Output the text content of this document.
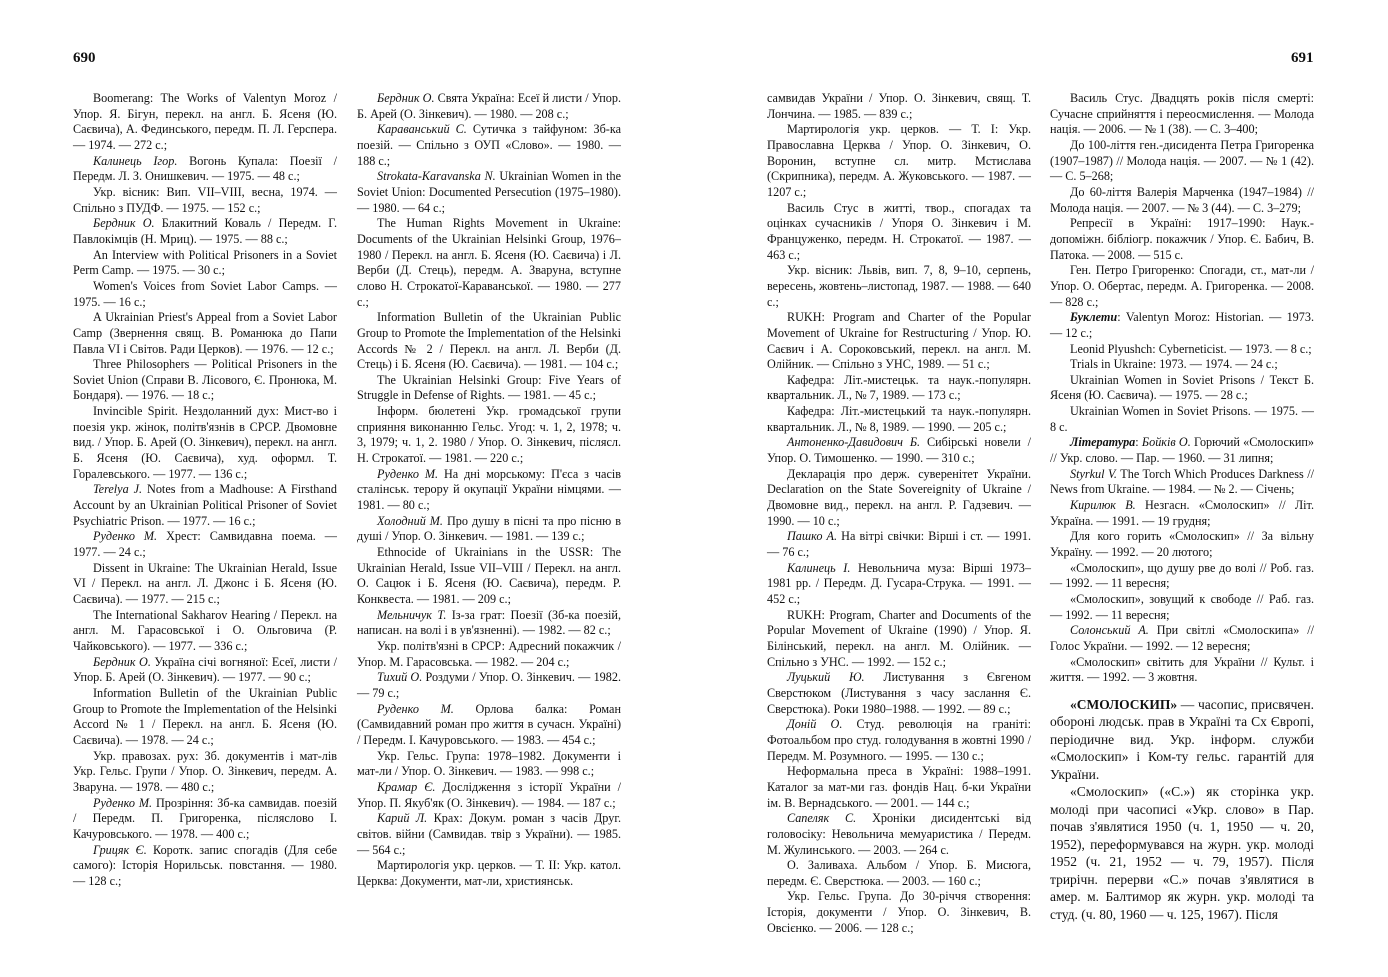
690	691

Boomerang: The Works of Valentyn Moroz / Упор. Я. Бігун, перекл. на англ. Б. Ясеня (Ю. Саєвича), А. Фединського, передм. П. Л. Герспера. — 1974. — 272 с.;

Калинець Ігор. Вогонь Купала: Поезії / Передм. Л. З. Онишкевич. — 1975. — 48 с.;

Укр. вісник: Вип. VII–VIII, весна, 1974. — Спільно з ПУДФ. — 1975. — 152 с.;

Бердник О. Блакитний Коваль / Передм. Г. Павлокімців (Н. Мриц). — 1975. — 88 с.;

An Interview with Political Prisoners in a Soviet Perm Camp. — 1975. — 30 с.;

Women's Voices from Soviet Labor Camps. — 1975. — 16 с.;

A Ukrainian Priest's Appeal from a Soviet Labor Camp (Звернення свящ. В. Романюка до Папи Павла VI і Світов. Ради Церков). — 1976. — 12 с.;

Three Philosophers — Political Prisoners in the Soviet Union (Справи В. Лісового, Є. Пронюка, М. Бондаря). — 1976. — 18 с.;

Invincible Spirit. Нездоланний дух: Мист-во і поезія укр. жінок, політв'язнів в СРСР. Двомовне вид. / Упор. Б. Арей (О. Зінкевич), перекл. на англ. Б. Ясеня (Ю. Саєвича), худ. оформл. Т. Горалевського. — 1977. — 136 с.;

Terelya J. Notes from a Madhouse: A Firsthand Account by an Ukrainian Political Prisoner of Soviet Psychiatric Prison. — 1977. — 16 с.;

Руденко М. Хрест: Самвидавна поема. — 1977. — 24 с.;

Dissent in Ukraine: The Ukrainian Herald, Issue VI / Перекл. на англ. Л. Джонс і Б. Ясеня (Ю. Саєвича). — 1977. — 215 с.;

The International Sakharov Hearing / Перекл. на англ. М. Гарасовської і О. Ольговича (Р. Чайковського). — 1977. — 336 с.;

Бердник О. Україна січі вогняної: Есеї, листи / Упор. Б. Арей (О. Зінкевич). — 1977. — 90 с.;

Information Bulletin of the Ukrainian Public Group to Promote the Implementation of the Helsinki Accord № 1 / Перекл. на англ. Б. Ясеня (Ю. Саєвича). — 1978. — 24 с.;

Укр. правозах. рух: Зб. документів і мат-лів Укр. Гельс. Групи / Упор. О. Зінкевич, передм. А. Зваруна. — 1978. — 480 с.;

Руденко М. Прозріння: Зб-ка самвидав. поезій / Передм. П. Григоренка, післяслово І. Качуровського. — 1978. — 400 с.;

Грицяк Є. Коротк. запис спогадів (Для себе самого): Історія Норильськ. повстання. — 1980. — 128 с.;

Бердник О. Свята Україна: Есеї й листи / Упор. Б. Арей (О. Зінкевич). — 1980. — 208 с.;

Караванський С. Сутичка з тайфуном: Зб-ка поезій. — Спільно з ОУП «Слово». — 1980. — 188 с.;

Strokata-Karavanska N. Ukrainian Women in the Soviet Union: Documented Persecution (1975–1980). — 1980. — 64 с.;

The Human Rights Movement in Ukraine: Documents of the Ukrainian Helsinki Group, 1976–1980 / Перекл. на англ. Б. Ясеня (Ю. Саєвича) і Л. Верби (Д. Стець), передм. А. Зваруна, вступне слово Н. Строкатої-Караванської. — 1980. — 277 с.;

Information Bulletin of the Ukrainian Public Group to Promote the Implementation of the Helsinki Accords № 2 / Перекл. на англ. Л. Верби (Д. Стець) і Б. Ясеня (Ю. Саєвича). — 1981. — 104 с.;

The Ukrainian Helsinki Group: Five Years of Struggle in Defense of Rights. — 1981. — 45 с.;

Інформ. бюлетені Укр. громадської групи сприяння виконанню Гельс. Угод: ч. 1, 2, 1978; ч. 3, 1979; ч. 1, 2. 1980 / Упор. О. Зінкевич, післясл. Н. Строкатої. — 1981. — 220 с.;

Руденко М. На дні морському: П'єса з часів сталінськ. терору й окупації України німцями. — 1981. — 80 с.;

Холодний М. Про душу в пісні та про пісню в душі / Упор. О. Зінкевич. — 1981. — 139 с.;

Ethnocide of Ukrainians in the USSR: The Ukrainian Herald, Issue VII–VIII / Перекл. на англ. О. Сацюк і Б. Ясеня (Ю. Саєвича), передм. Р. Конквеста. — 1981. — 209 с.;

Мельничук Т. Із-за грат: Поезії (Зб-ка поезій, написан. на волі і в ув'язненні). — 1982. — 82 с.;

Укр. політв'язні в СРСР: Адресний покажчик / Упор. М. Гарасовська. — 1982. — 204 с.;

Тихий О. Роздуми / Упор. О. Зінкевич. — 1982. — 79 с.;

Руденко М. Орлова балка: Роман (Самвидавний роман про життя в сучасн. Україні) / Передм. І. Качуровського. — 1983. — 454 с.;

Укр. Гельс. Група: 1978–1982. Документи і мат-ли / Упор. О. Зінкевич. — 1983. — 998 с.;

Крамар Є. Дослідження з історії України / Упор. П. Якуб'як (О. Зінкевич). — 1984. — 187 с.;

Карий Л. Крах: Докум. роман з часів Друг. світов. війни (Самвидав. твір з України). — 1985. — 564 с.;

Мартирологія укр. церков. — Т. II: Укр. катол. Церква: Документи, мат-ли, християнськ.

самвидав України / Упор. О. Зінкевич, свящ. Т. Лончина. — 1985. — 839 с.;

Мартирологія укр. церков. — Т. I: Укр. Православна Церква / Упор. О. Зінкевич, О. Воронин, вступне сл. митр. Мстислава (Скрипника), передм. А. Жуковського. — 1987. — 1207 с.;

Василь Стус в житті, твор., спогадах та оцінках сучасників / Упоря О. Зінкевич і М. Француженко, передм. Н. Строкатої. — 1987. — 463 с.;

Укр. вісник: Львів, вип. 7, 8, 9–10, серпень, вересень, жовтень–листопад, 1987. — 1988. — 640 с.;

RUKH: Program and Charter of the Popular Movement of Ukraine for Restructuring / Упор. Ю. Саєвич і А. Сороковський, перекл. на англ. М. Олійник. — Спільно з УНС, 1989. — 51 с.;

Кафедра: Літ.-мистецьк. та наук.-популярн. квартальник. Л., № 7, 1989. — 173 с.;

Кафедра: Літ.-мистецький та наук.-популярн. квартальник. Л., № 8, 1989. — 1990. — 205 с.;

Антоненко-Давидович Б. Сибірські новели / Упор. О. Тимошенко. — 1990. — 310 с.;

Декларація про держ. суверенітет України. Declaration on the State Sovereignity of Ukraine / Двомовне вид., перекл. на англ. Р. Гадзевич. — 1990. — 10 с.;

Пашко А. На вітрі свічки: Вірші і ст. — 1991. — 76 с.;

Калинець І. Невольнича муза: Вірші 1973–1981 рр. / Передм. Д. Гусара-Струка. — 1991. — 452 с.;

RUKH: Program, Charter and Documents of the Popular Movement of Ukraine (1990) / Упор. Я. Білінський, перекл. на англ. М. Олійник. — Спільно з УНС. — 1992. — 152 с.;

Луцький Ю. Листування з Євгеном Сверстюком (Листування з часу заслання Є. Сверстюка). Роки 1980–1988. — 1992. — 89 с.;

Доній О. Студ. революція на граніті: Фотоальбом про студ. голодування в жовтні 1990 / Передм. М. Розумного. — 1995. — 130 с.;

Неформальна преса в Україні: 1988–1991. Каталог за мат-ми газ. фондів Нац. б-ки України ім. В. Вернадського. — 2001. — 144 с.;

Сапеляк С. Хроніки дисидентські від головосіку: Невольнича мемуаристика / Передм. М. Жулинського. — 2003. — 264 с.

О. Заливаха. Альбом / Упор. Б. Мисюга, передм. Є. Сверстюка. — 2003. — 160 с.;

Укр. Гельс. Група. До 30-річчя створення: Історія, документи / Упор. О. Зінкевич, В. Овсієнко. — 2006. — 128 с.;

Василь Стус. Двадцять років після смерті: Сучасне сприйняття і переосмислення. — Молода нація. — 2006. — № 1 (38). — С. 3–400;

До 100-ліття ген.-дисидента Петра Григоренка (1907–1987) // Молода нація. — 2007. — № 1 (42). — С. 5–268;

До 60-ліття Валерія Марченка (1947–1984) // Молода нація. — 2007. — № 3 (44). — С. 3–279;

Репресії в Україні: 1917–1990: Наук.-допоміжн. бібліогр. покажчик / Упор. Є. Бабич, В. Патока. — 2008. — 515 с.

Ген. Петро Григоренко: Спогади, ст., мат-ли / Упор. О. Обертас, передм. А. Григоренка. — 2008. — 828 с.;

Буклети: Valentyn Moroz: Historian. — 1973. — 12 с.;

Leonid Plyushch: Cyberneticist. — 1973. — 8 с.;

Trials in Ukraine: 1973. — 1974. — 24 с.;

Ukrainian Women in Soviet Prisons / Текст Б. Ясеня (Ю. Саєвича). — 1975. — 28 с.;

Ukrainian Women in Soviet Prisons. — 1975. — 8 с.

Література: Бойків О. Горючий «Смолоскип» // Укр. слово. — Пар. — 1960. — 31 липня;

Styrkul V. The Torch Which Produces Darkness // News from Ukraine. — 1984. — № 2. — Січень;

Кирилюк В. Незгасн. «Смолоскип» // Літ. Україна. — 1991. — 19 грудня;

Для кого горить «Смолоскип» // За вільну Україну. — 1992. — 20 лютого;

«Смолоскип», що душу рве до волі // Роб. газ. — 1992. — 11 вересня;

«Смолоскип», зовущий к свободе // Раб. газ. — 1992. — 11 вересня;

Солонський А. При світлі «Смолоскипа» // Голос України. — 1992. — 12 вересня;

«Смолоскип» світить для України // Культ. і життя. — 1992. — 3 жовтня.

«СМОЛОСКИП» — часопис, присвячен. обороні людськ. прав в Україні та Сх Європі, періодичне вид. Укр. інформ. служби «Смолоскип» і Ком-ту гельс. гарантій для України.

«Смолоскип» («С.») як сторінка укр. молоді при часописі «Укр. слово» в Пар. почав з'являтися 1950 (ч. 1, 1950 — ч. 20, 1952), переформувався на журн. укр. молоді 1952 (ч. 21, 1952 — ч. 79, 1957). Після трирічн. перерви «С.» почав з'являтися в амер. м. Балтимор як журн. укр. молоді та студ. (ч. 80, 1960 — ч. 125, 1967). Після
